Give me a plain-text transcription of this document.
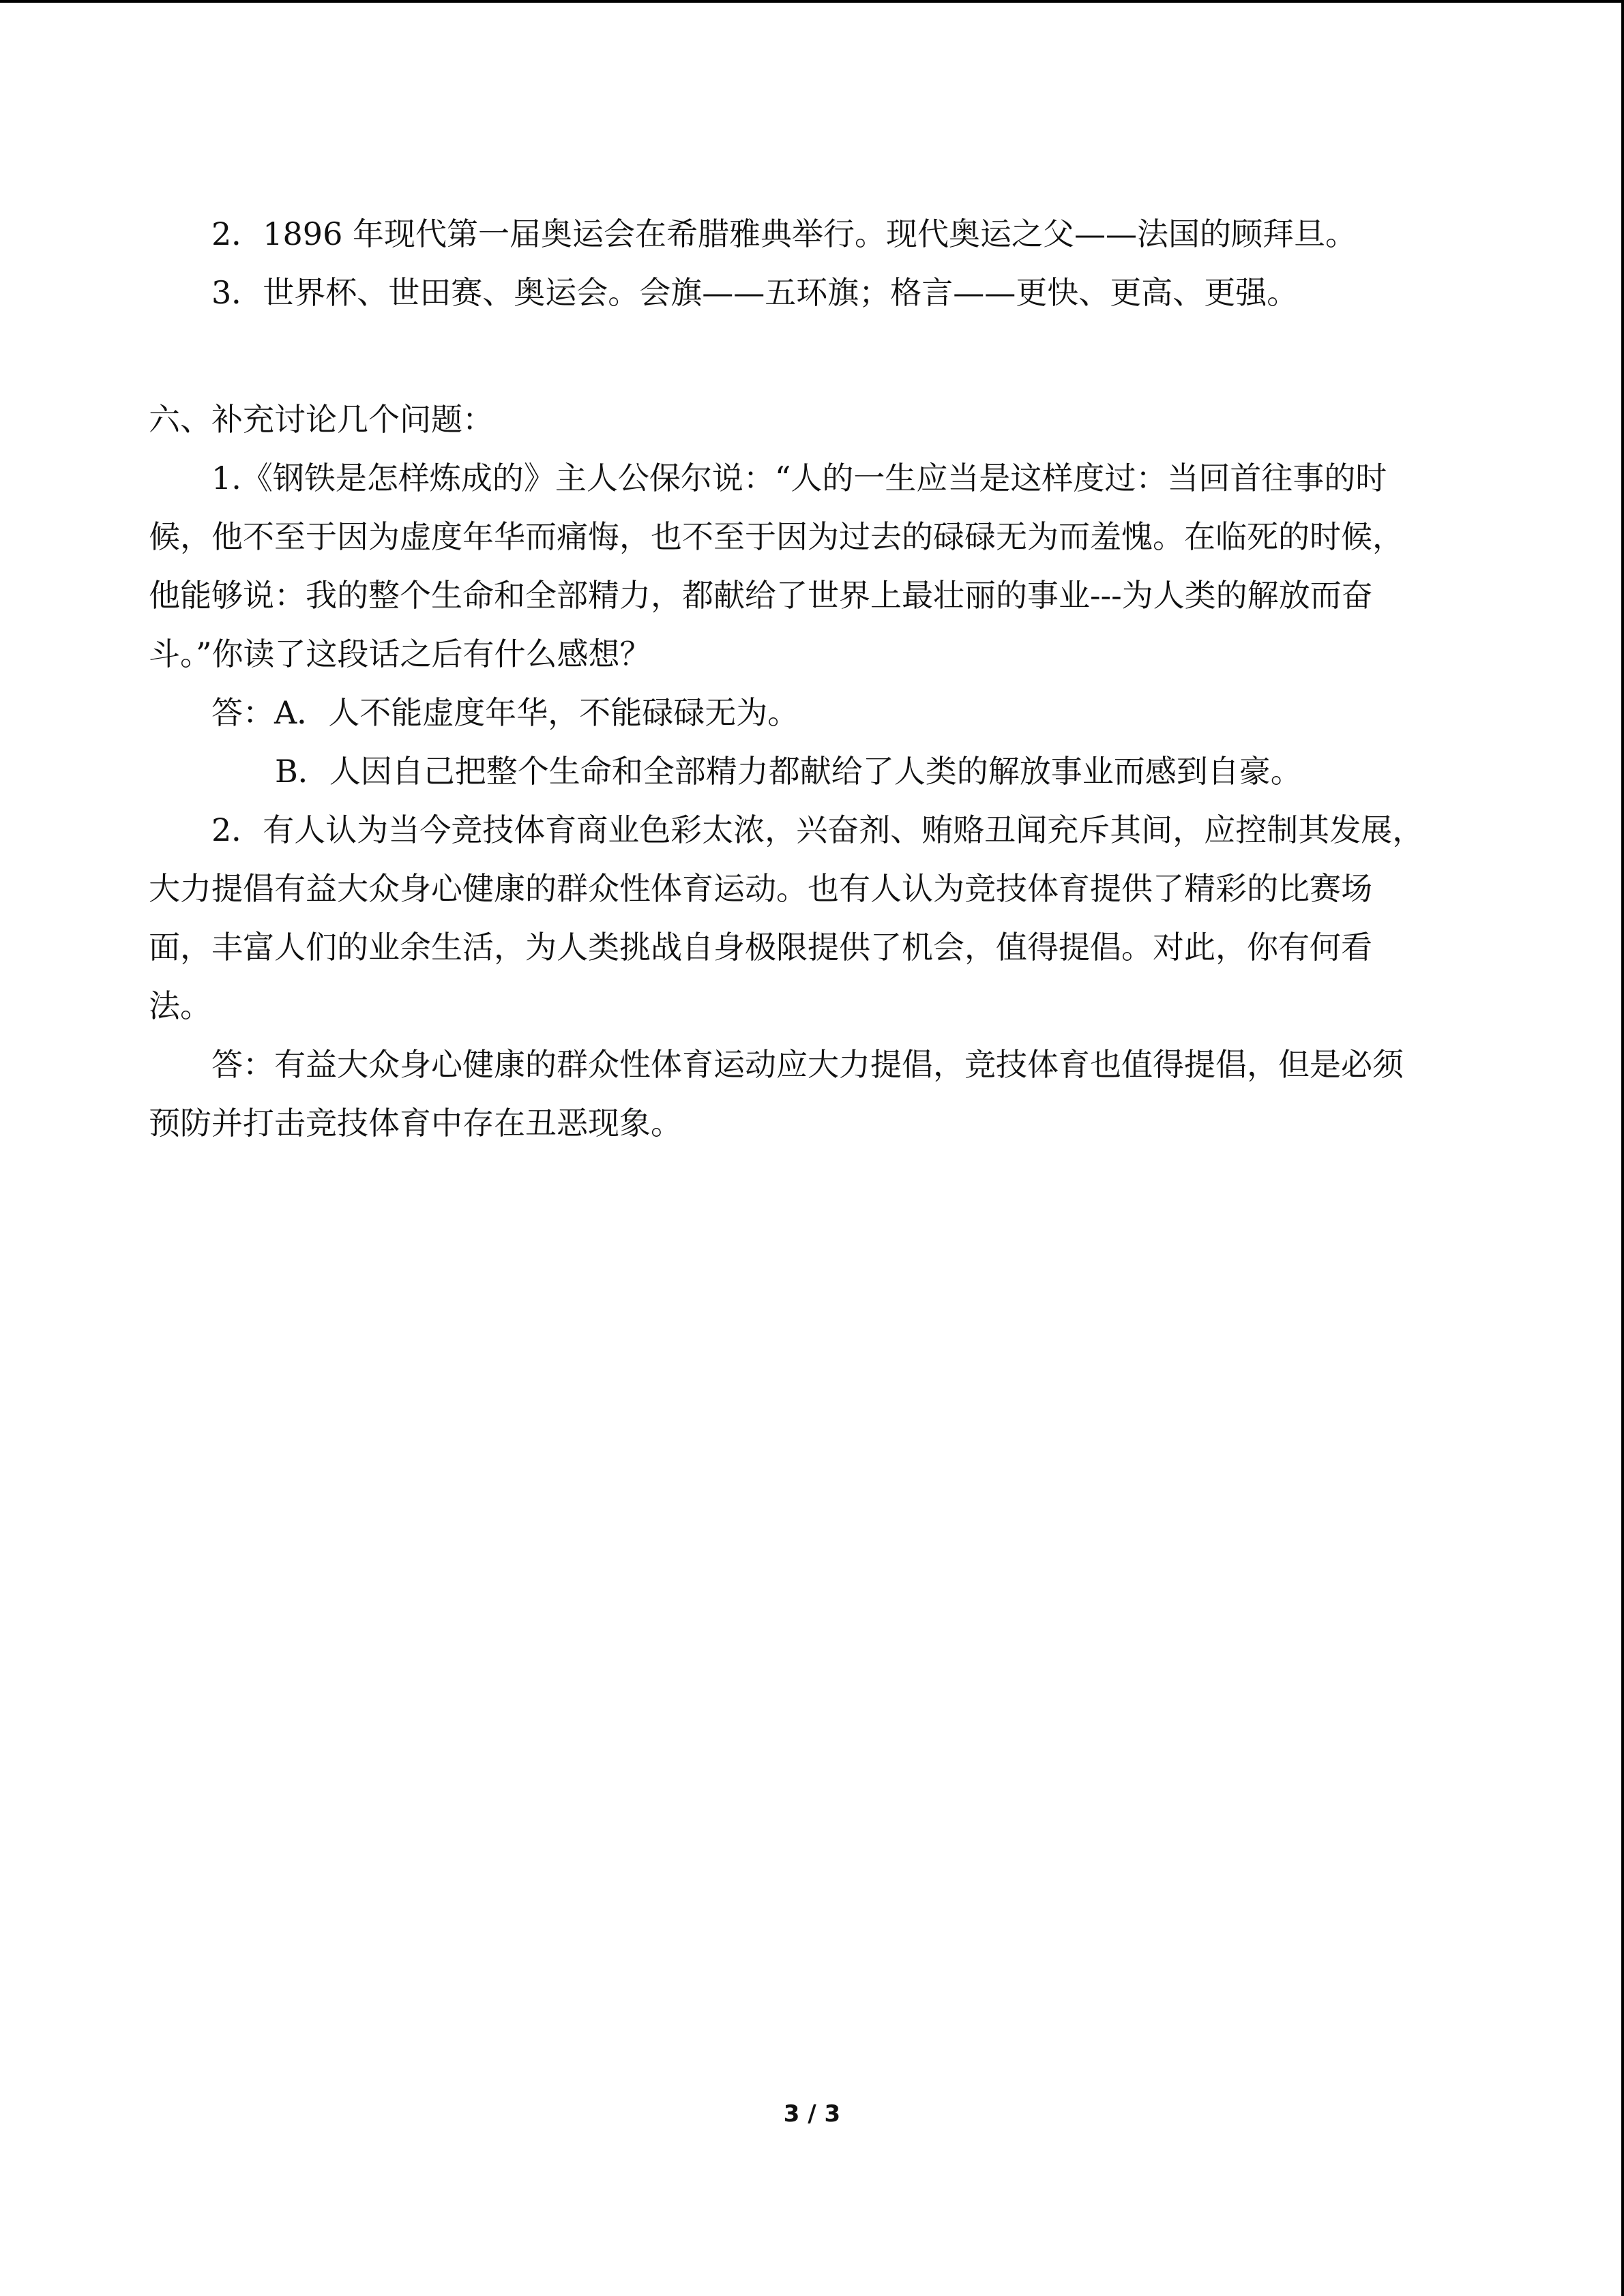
2．1896 年现代第一届奥运会在希腊雅典举行。现代奥运之父——法国的顾拜旦。
3．世界杯、世田赛、奥运会。会旗——五环旗；格言——更快、更高、更强。
六、补充讨论几个问题：
1.《钢铁是怎样炼成的》主人公保尔说：“人的一生应当是这样度过：当回首往事的时
候，他不至于因为虚度年华而痛悔，也不至于因为过去的碌碌无为而羞愧。在临死的时候，
他能够说：我的整个生命和全部精力，都献给了世界上最壮丽的事业---为人类的解放而奋
斗。”你读了这段话之后有什么感想？
答：A．人不能虚度年华，不能碌碌无为。
B．人因自己把整个生命和全部精力都献给了人类的解放事业而感到自豪。
2．有人认为当今竞技体育商业色彩太浓，兴奋剂、贿赂丑闻充斥其间，应控制其发展，
大力提倡有益大众身心健康的群众性体育运动。也有人认为竞技体育提供了精彩的比赛场
面，丰富人们的业余生活，为人类挑战自身极限提供了机会，值得提倡。对此，你有何看
法。
答：有益大众身心健康的群众性体育运动应大力提倡，竞技体育也值得提倡，但是必须
预防并打击竞技体育中存在丑恶现象。
3 / 3
